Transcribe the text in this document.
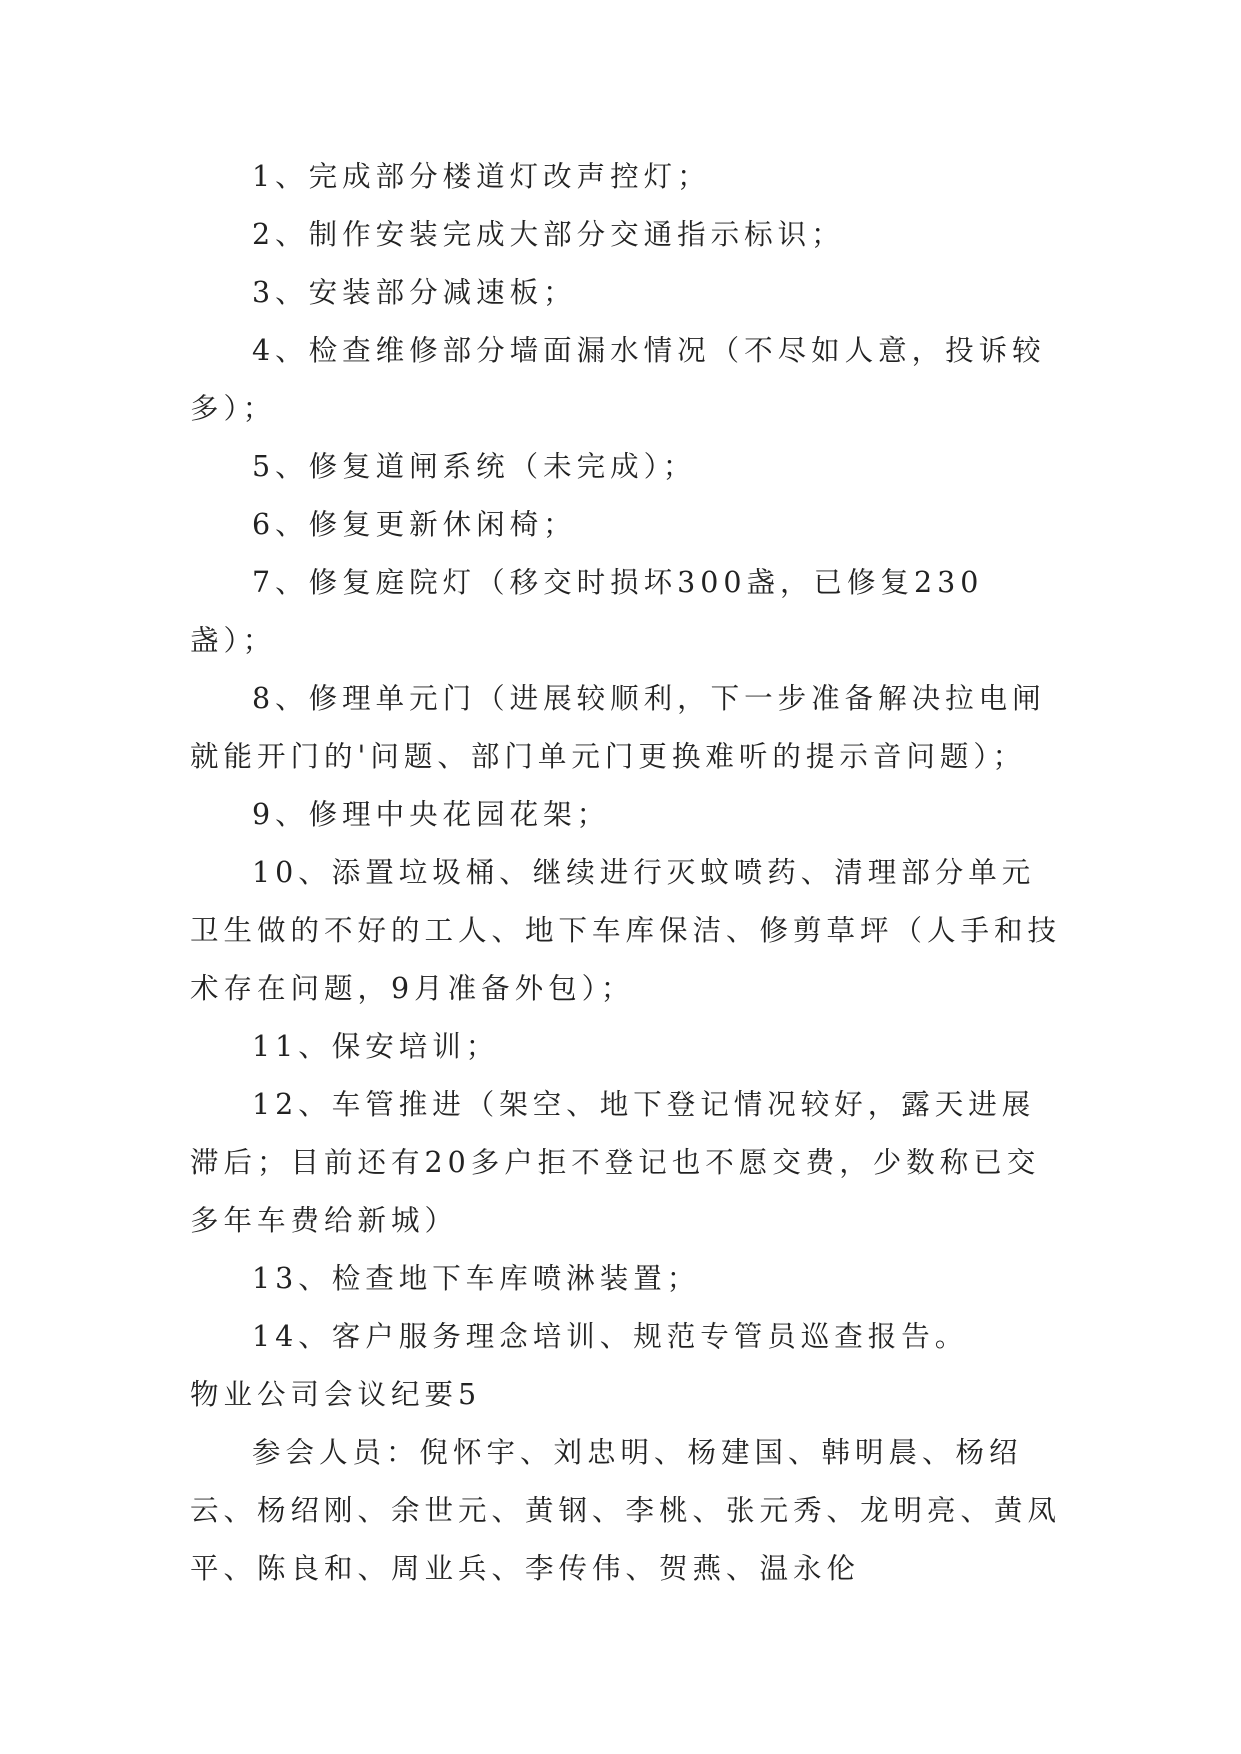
1、完成部分楼道灯改声控灯；

2、制作安装完成大部分交通指示标识；

3、安装部分减速板；

4、检查维修部分墙面漏水情况（不尽如人意，投诉较多）；

5、修复道闸系统（未完成）；

6、修复更新休闲椅；

7、修复庭院灯（移交时损坏300盏，已修复230盏）；

8、修理单元门（进展较顺利，下一步准备解决拉电闸就能开门的'问题、部门单元门更换难听的提示音问题）；

9、修理中央花园花架；

10、添置垃圾桶、继续进行灭蚊喷药、清理部分单元卫生做的不好的工人、地下车库保洁、修剪草坪（人手和技术存在问题，9月准备外包）；

11、保安培训；

12、车管推进（架空、地下登记情况较好，露天进展滞后；目前还有20多户拒不登记也不愿交费，少数称已交多年车费给新城）

13、检查地下车库喷淋装置；

14、客户服务理念培训、规范专管员巡查报告。

物业公司会议纪要5

参会人员：倪怀宇、刘忠明、杨建国、韩明晨、杨绍云、杨绍刚、余世元、黄钢、李桃、张元秀、龙明亮、黄凤平、陈良和、周业兵、李传伟、贺燕、温永伦
